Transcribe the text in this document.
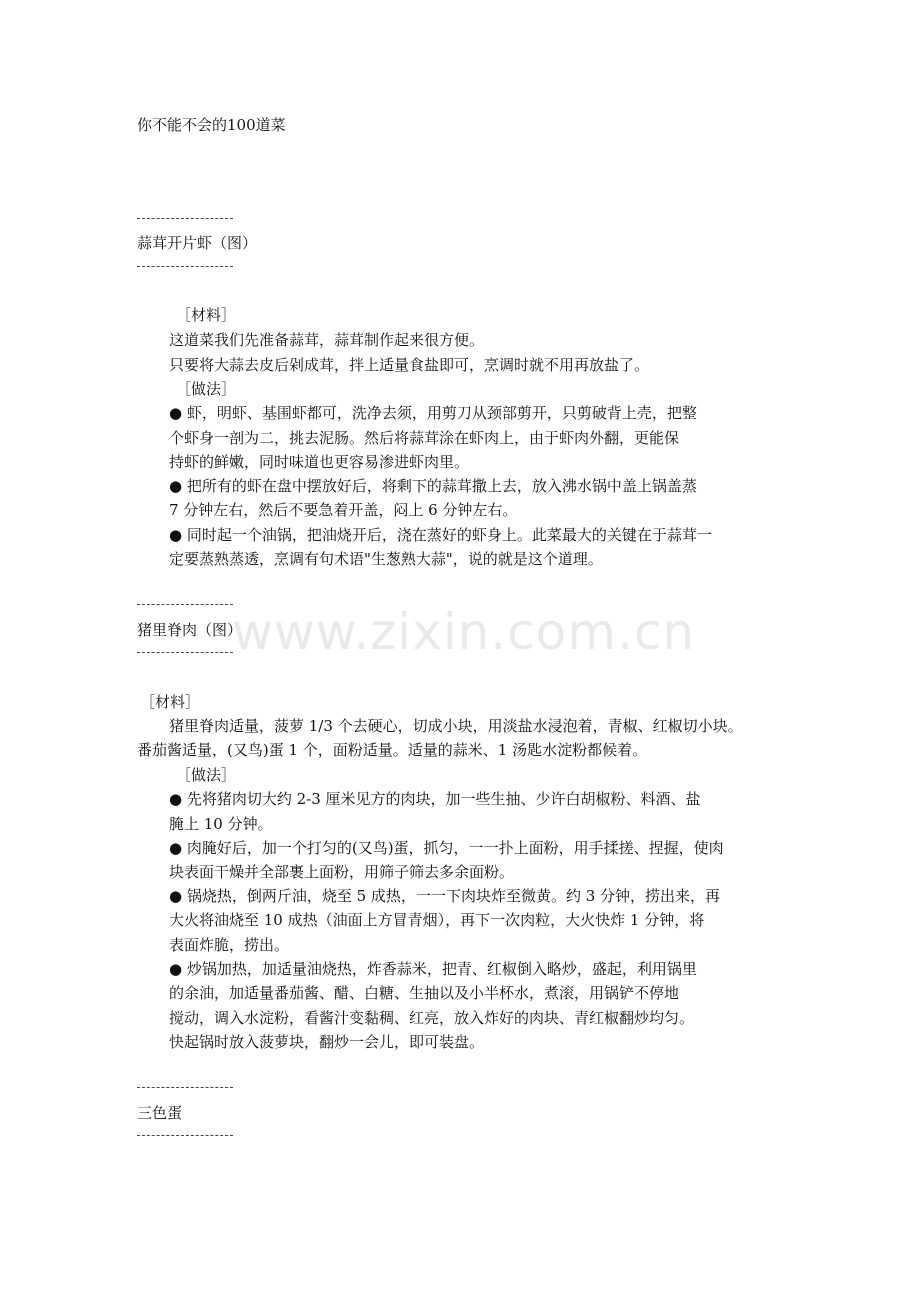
你不能不会的100道菜
蒜茸开片虾（图）
［材料］
这道菜我们先准备蒜茸，蒜茸制作起来很方便。
只要将大蒜去皮后剁成茸，拌上适量食盐即可，烹调时就不用再放盐了。
［做法］
● 虾，明虾、基围虾都可，洗净去须，用剪刀从颈部剪开，只剪破背上壳，把整
个虾身一剖为二，挑去泥肠。然后将蒜茸涂在虾肉上，由于虾肉外翻，更能保
持虾的鲜嫩，同时味道也更容易渗进虾肉里。
● 把所有的虾在盘中摆放好后，将剩下的蒜茸撒上去，放入沸水锅中盖上锅盖蒸
7 分钟左右，然后不要急着开盖，闷上 6 分钟左右。
● 同时起一个油锅，把油烧开后，浇在蒸好的虾身上。此菜最大的关键在于蒜茸一
定要蒸熟蒸透，烹调有句术语"生葱熟大蒜"，说的就是这个道理。
猪里脊肉（图）
［材料］
猪里脊肉适量，菠萝 1/3 个去硬心，切成小块，用淡盐水浸泡着，青椒、红椒切小块。
番茄酱适量，(又鸟)蛋 1 个，面粉适量。适量的蒜米、1 汤匙水淀粉都候着。
［做法］
● 先将猪肉切大约 2-3 厘米见方的肉块，加一些生抽、少许白胡椒粉、料酒、盐
腌上 10 分钟。
● 肉腌好后，加一个打匀的(又鸟)蛋，抓匀，一一扑上面粉，用手揉搓、捏握，使肉
块表面干燥并全部裹上面粉，用筛子筛去多余面粉。
● 锅烧热，倒两斤油，烧至 5 成热，一一下肉块炸至微黄。约 3 分钟，捞出来，再
大火将油烧至 10 成热（油面上方冒青烟），再下一次肉粒，大火快炸 1 分钟，将
表面炸脆，捞出。
● 炒锅加热，加适量油烧热，炸香蒜米，把青、红椒倒入略炒，盛起，利用锅里
的余油，加适量番茄酱、醋、白糖、生抽以及小半杯水，煮滚，用锅铲不停地
搅动，调入水淀粉，看酱汁变黏稠、红亮，放入炸好的肉块、青红椒翻炒均匀。
快起锅时放入菠萝块，翻炒一会儿，即可装盘。
三色蛋
www.zixin.com.cn
